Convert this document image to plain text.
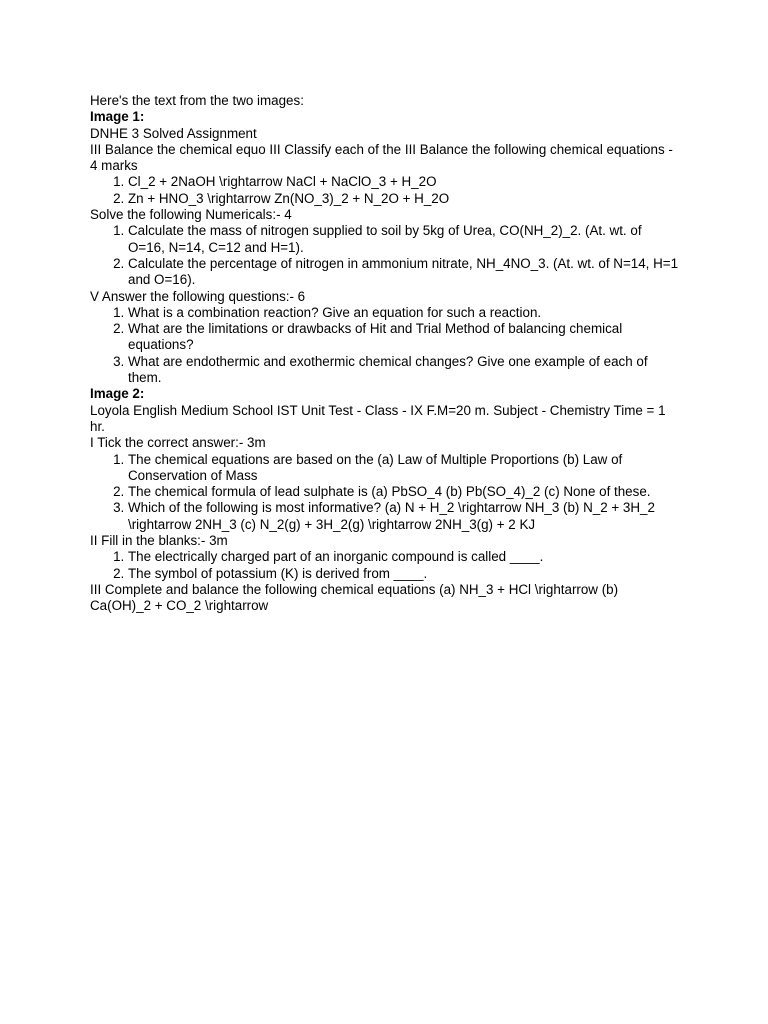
Here's the text from the two images:

Image 1:

DNHE 3 Solved Assignment

III Balance the chemical equo III Classify each of the III Balance the following chemical equations - 4 marks

1. Cl_2 + 2NaOH \rightarrow NaCl + NaClO_3 + H_2O
2. Zn + HNO_3 \rightarrow Zn(NO_3)_2 + N_2O + H_2O

Solve the following Numericals:- 4

1. Calculate the mass of nitrogen supplied to soil by 5kg of Urea, CO(NH_2)_2. (At. wt. of O=16, N=14, C=12 and H=1).
2. Calculate the percentage of nitrogen in ammonium nitrate, NH_4NO_3. (At. wt. of N=14, H=1 and O=16).

V Answer the following questions:- 6

1. What is a combination reaction? Give an equation for such a reaction.
2. What are the limitations or drawbacks of Hit and Trial Method of balancing chemical equations?
3. What are endothermic and exothermic chemical changes? Give one example of each of them.

Image 2:

Loyola English Medium School IST Unit Test - Class - IX F.M=20 m. Subject - Chemistry Time = 1 hr.

I Tick the correct answer:- 3m

1. The chemical equations are based on the (a) Law of Multiple Proportions (b) Law of Conservation of Mass
2. The chemical formula of lead sulphate is (a) PbSO_4 (b) Pb(SO_4)_2 (c) None of these.
3. Which of the following is most informative? (a) N + H_2 \rightarrow NH_3 (b) N_2 + 3H_2 \rightarrow 2NH_3 (c) N_2(g) + 3H_2(g) \rightarrow 2NH_3(g) + 2 KJ

II Fill in the blanks:- 3m

1. The electrically charged part of an inorganic compound is called ____.
2. The symbol of potassium (K) is derived from ____.

III Complete and balance the following chemical equations (a) NH_3 + HCl \rightarrow (b) Ca(OH)_2 + CO_2 \rightarrow
